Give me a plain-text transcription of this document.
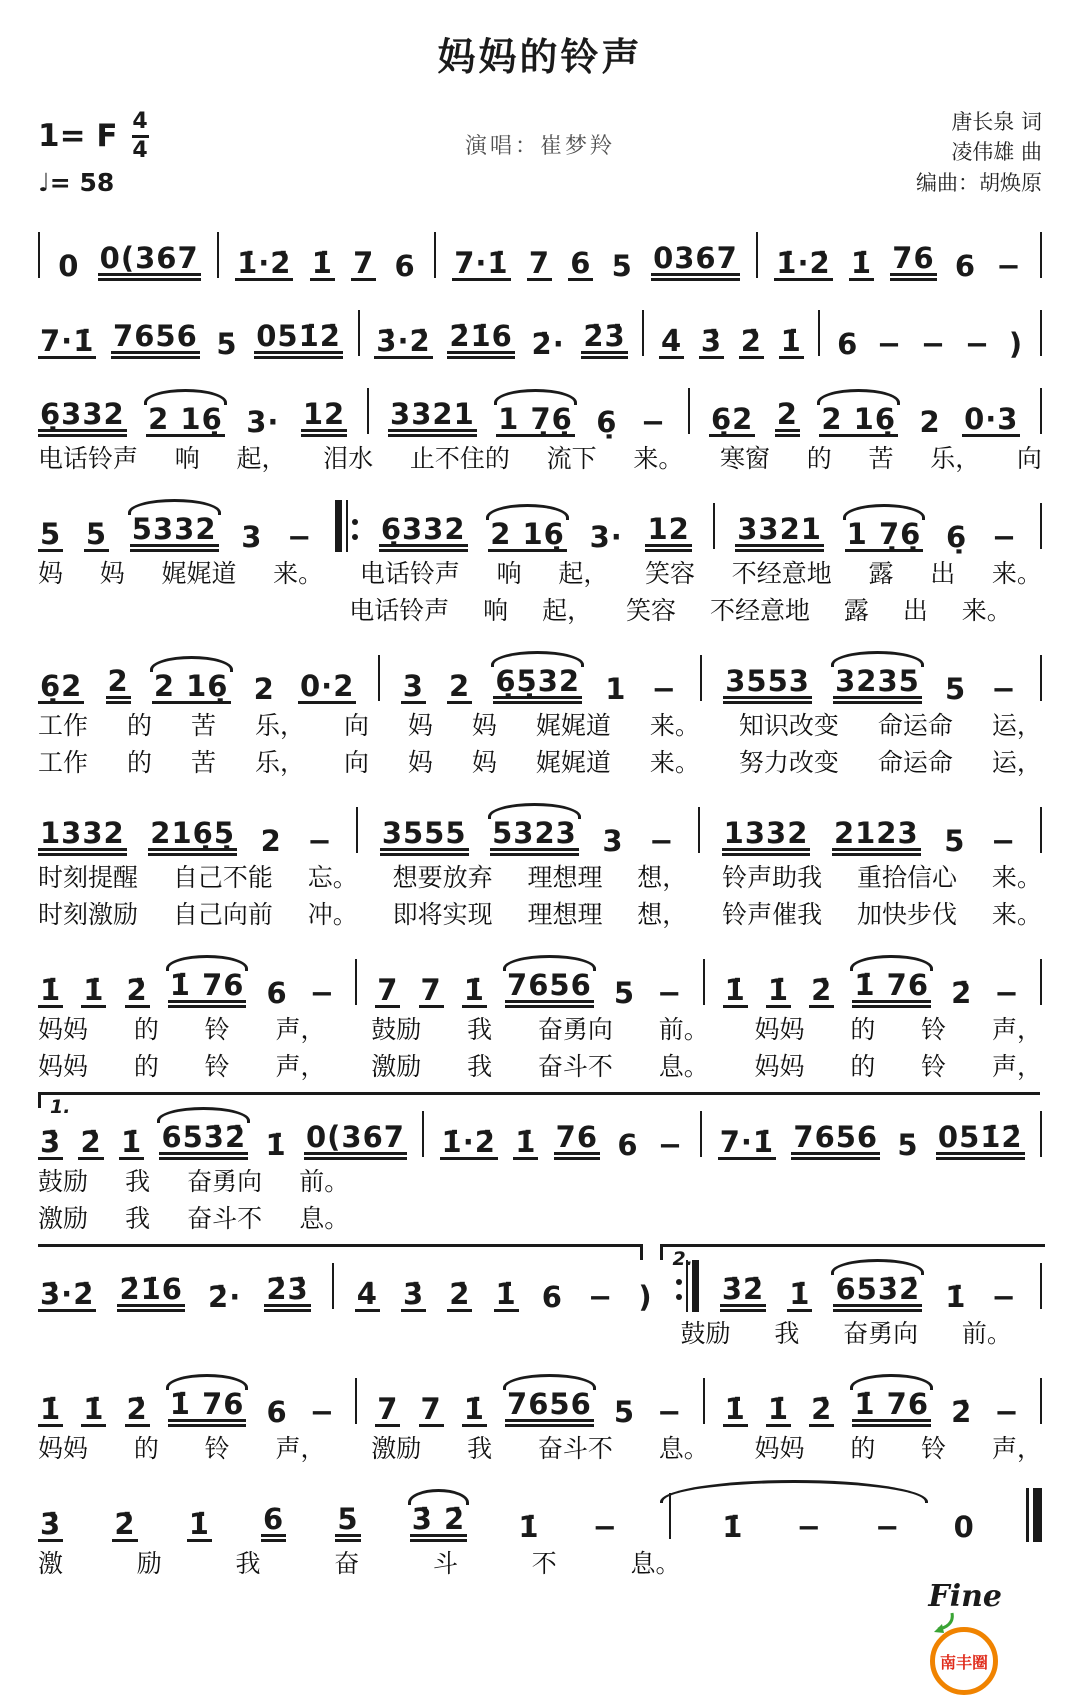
妈妈的铃声
1= F $\frac{4}{4}$
♩= 58
演唱：崔梦羚
唐长泉 词
凌伟雄 曲
编曲：胡焕原
0 0(367 1̇·2̇ 1̇ 7 6 7·1̇ 7 6 5 0367 1̇·2̇ 1̇ 76 6 −
7·1̇ 7656 5 051̇2̇ 3̇·2̇ 2̇1̇6 2̇· 2̇3̇ 4̇ 3̇ 2̇ 1̇ 6 − − − )
6̣332 2 16̣ 3· 12 3321 1 7̣6̣ 6̣ − 6̣2 2 2 16̣ 2 0·3
电话铃声 响 起， 泪水 止不住的 流下 来。 寒窗 的 苦 乐， 向
5 5 5332 3 − 6̣332 2 16̣ 3· 12 3321 1 7̣6̣ 6̣ −
妈 妈 娓娓道 来。 电话铃声 响 起， 笑容 不经意地 露 出 来。
电话铃声 响 起， 笑容 不经意地 露 出 来。
6̣2 2 2 16̣ 2 0·2 3 2 6̣5̣32 1 − 3553 3235 5 −
工作 的 苦 乐， 向 妈 妈 娓娓道 来。 知识改变 命运命 运，
工作 的 苦 乐， 向 妈 妈 娓娓道 来。 努力改变 命运命 运，
1332 216̣5̣ 2 − 3555 5323 3 − 1332 2123 5 −
时刻提醒 自己不能 忘。 想要放弃 理想理 想， 铃声助我 重拾信心 来。
时刻激励 自己向前 冲。 即将实现 理想理 想， 铃声催我 加快步伐 来。
1̇ 1̇ 2̇ 1̇ 76 6 − 7 7 1̇ 7656 5 − 1̇ 1̇ 2̇ 1̇ 76 2̇ −
妈妈 的 铃 声， 鼓励 我 奋勇向 前。 妈妈 的 铃 声，
妈妈 的 铃 声， 激励 我 奋斗不 息。 妈妈 的 铃 声，
1.
3̇ 2̇ 1̇ 653̇2̇ 1̇ 0(367 1̇·2̇ 1̇ 76 6 − 7·1̇ 7656 5 051̇2̇
鼓励 我 奋勇向 前。
激励 我 奋斗不 息。
2.
3̇·2̇ 2̇1̇6 2̇· 2̇3̇ 4̇ 3̇ 2̇ 1̇ 6 − ) 3̇2̇ 1̇ 653̇2̇ 1̇ −
鼓励 我 奋勇向 前。
1̇ 1̇ 2̇ 1̇ 76 6 − 7 7 1̇ 7656 5 − 1̇ 1̇ 2̇ 1̇ 76 2̇ −
妈妈 的 铃 声， 激励 我 奋斗不 息。 妈妈 的 铃 声，
3̇ 2̇ 1̇ 6 5 3̇ 2̇ 1̇ −	1̇ − − 0
激	励	我	奋	斗	不	息。
Fine
南丰圈
